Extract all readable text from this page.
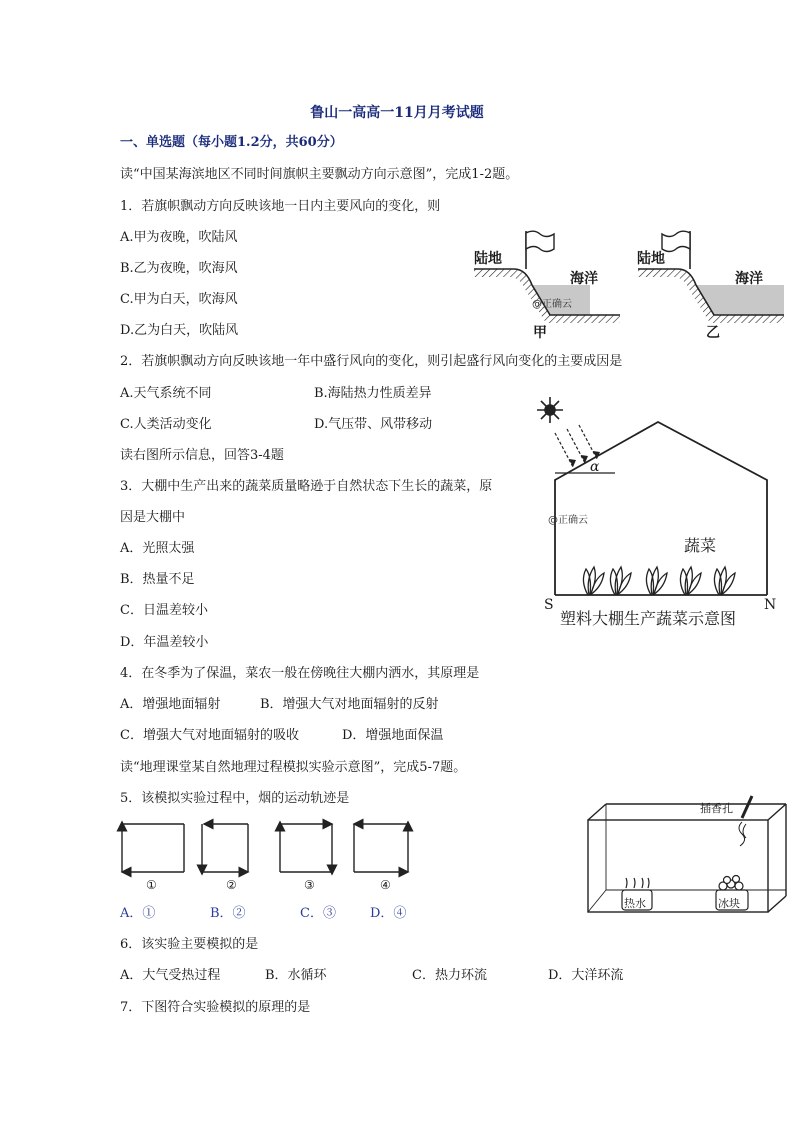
鲁山一高高一11月月考试题
一、单选题（每小题1.2分，共60分）
读“中国某海滨地区不同时间旗帜主要飘动方向示意图”，完成1-2题。
1．若旗帜飘动方向反映该地一日内主要风向的变化，则
A.甲为夜晚，吹陆风
B.乙为夜晚，吹海风
C.甲为白天，吹海风
D.乙为白天，吹陆风
2．若旗帜飘动方向反映该地一年中盛行风向的变化，则引起盛行风向变化的主要成因是
A.天气系统不同	B.海陆热力性质差异
C.人类活动变化	D.气压带、风带移动
读右图所示信息，回答3-4题
3．大棚中生产出来的蔬菜质量略逊于自然状态下生长的蔬菜，原
因是大棚中
A．光照太强
B．热量不足
C．日温差较小
D．年温差较小
4．在冬季为了保温，菜农一般在傍晚往大棚内洒水，其原理是
A．增强地面辐射	B．增强大气对地面辐射的反射
C．增强大气对地面辐射的吸收	D．增强地面保温
读“地理课堂某自然地理过程模拟实验示意图”，完成5-7题。
5．该模拟实验过程中，烟的运动轨迹是
①	②	③	④
A．①	B．②	C．③	D．④
6．该实验主要模拟的是
A．大气受热过程	B．水循环	C．热力环流	D．大洋环流
7．下图符合实验模拟的原理的是
陆地
海洋
@正确云
甲
陆地
海洋
乙
α
@正确云
蔬菜
S	N
塑料大棚生产蔬菜示意图
插香孔
热水	冰块
